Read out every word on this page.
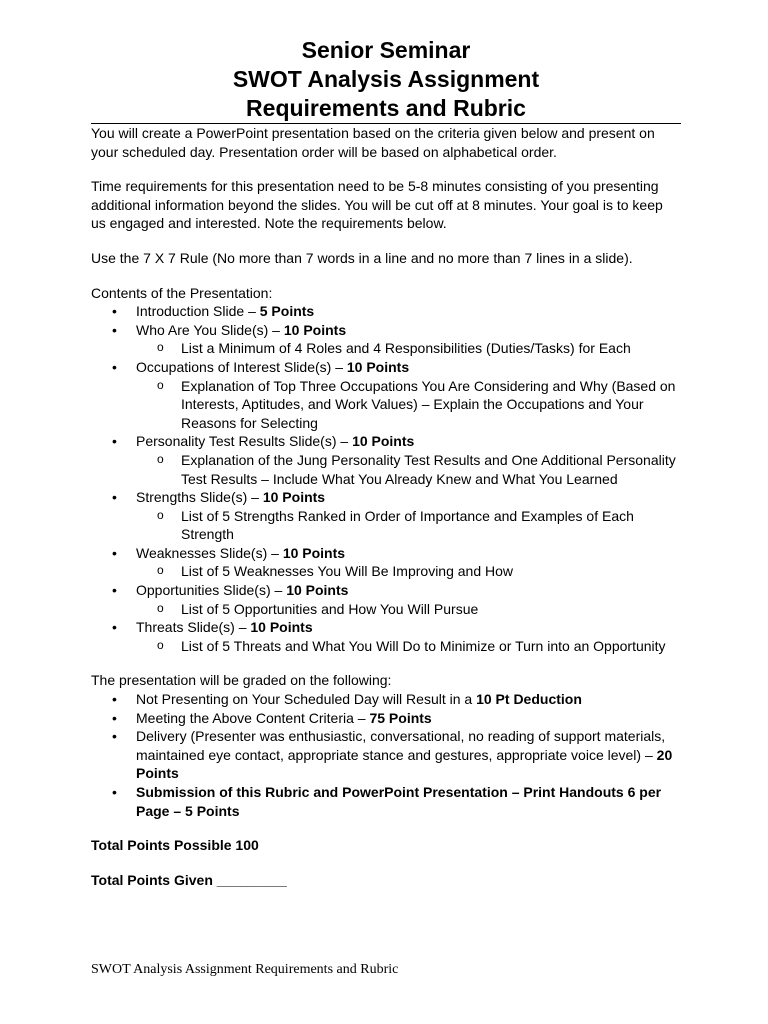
Senior Seminar
SWOT Analysis Assignment
Requirements and Rubric

You will create a PowerPoint presentation based on the criteria given below and present on your scheduled day. Presentation order will be based on alphabetical order.

Time requirements for this presentation need to be 5-8 minutes consisting of you presenting additional information beyond the slides. You will be cut off at 8 minutes. Your goal is to keep us engaged and interested. Note the requirements below.

Use the 7 X 7 Rule (No more than 7 words in a line and no more than 7 lines in a slide).

Contents of the Presentation:

• Introduction Slide – 5 Points
• Who Are You Slide(s) – 10 Points
o List a Minimum of 4 Roles and 4 Responsibilities (Duties/Tasks) for Each
• Occupations of Interest Slide(s) – 10 Points
o Explanation of Top Three Occupations You Are Considering and Why (Based on Interests, Aptitudes, and Work Values) – Explain the Occupations and Your Reasons for Selecting
• Personality Test Results Slide(s) – 10 Points
o Explanation of the Jung Personality Test Results and One Additional Personality Test Results – Include What You Already Knew and What You Learned
• Strengths Slide(s) – 10 Points
o List of 5 Strengths Ranked in Order of Importance and Examples of Each Strength
• Weaknesses Slide(s) – 10 Points
o List of 5 Weaknesses You Will Be Improving and How
• Opportunities Slide(s) – 10 Points
o List of 5 Opportunities and How You Will Pursue
• Threats Slide(s) – 10 Points
o List of 5 Threats and What You Will Do to Minimize or Turn into an Opportunity

The presentation will be graded on the following:

• Not Presenting on Your Scheduled Day will Result in a 10 Pt Deduction
• Meeting the Above Content Criteria – 75 Points
• Delivery (Presenter was enthusiastic, conversational, no reading of support materials, maintained eye contact, appropriate stance and gestures, appropriate voice level) – 20 Points
• Submission of this Rubric and PowerPoint Presentation – Print Handouts 6 per Page – 5 Points

Total Points Possible 100

Total Points Given _________

SWOT Analysis Assignment Requirements and Rubric
